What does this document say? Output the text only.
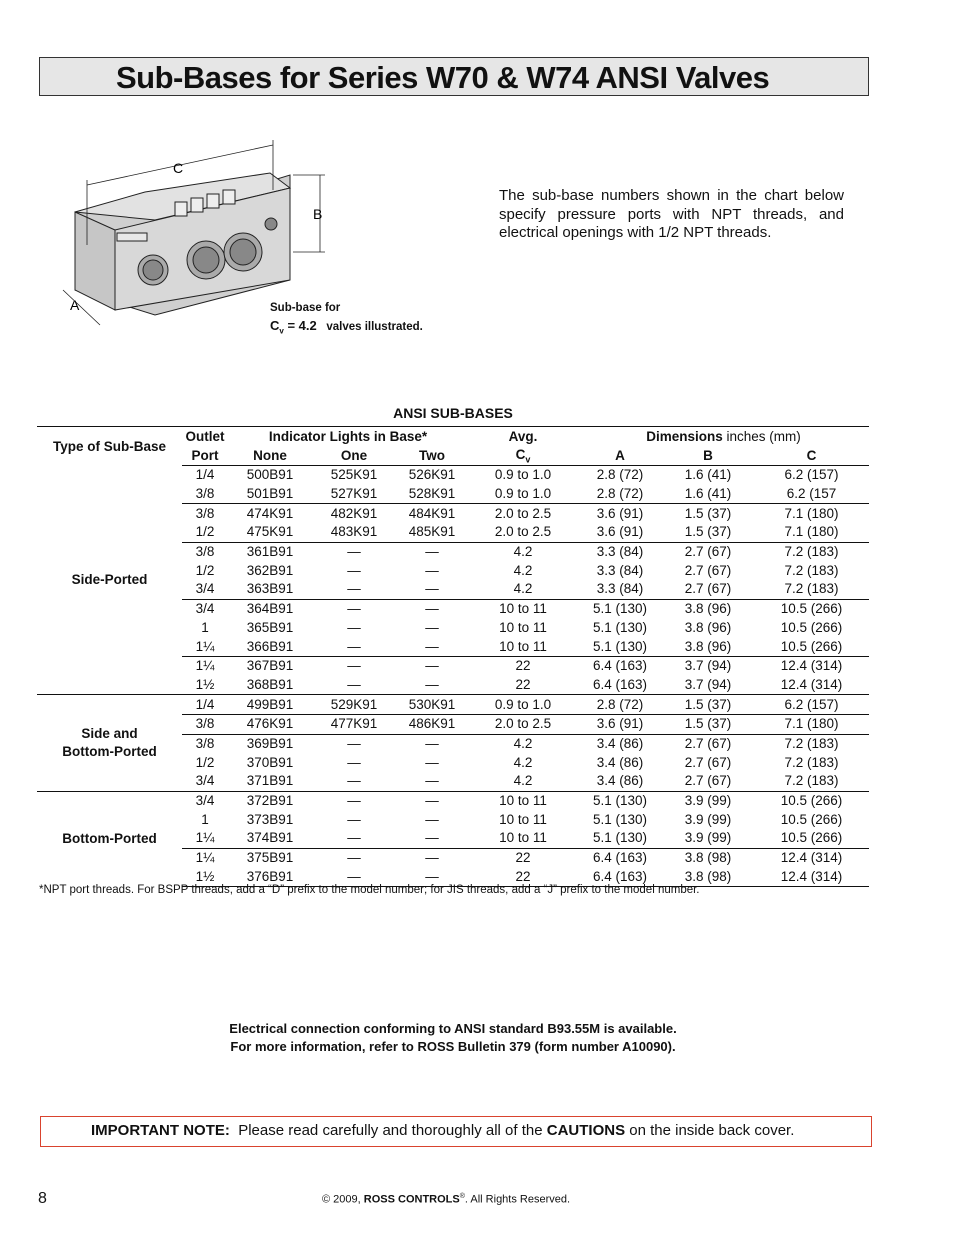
Sub-Bases for Series W70 & W74 ANSI Valves
C
B
A	Sub-base for
$C_v = 4.2$ valves illustrated.
The sub-base numbers shown in the chart below specify pressure ports with NPT threads, and electrical openings with 1/2 NPT threads.
ANSI SUB-BASES
Type of Sub-Base	Outlet	Indicator Lights in Base*			Avg.	Dimensions inches (mm)		
	Port	None	One	Two	$C_v$	A	B	C
Side-Ported	1/4	500B91	525K91	526K91	0.9 to 1.0	2.8 (72)	1.6 (41)	6.2 (157)
	3/8	501B91	527K91	528K91	0.9 to 1.0	2.8 (72)	1.6 (41)	6.2 (157
	3/8	474K91	482K91	484K91	2.0 to 2.5	3.6 (91)	1.5 (37)	7.1 (180)
	1/2	475K91	483K91	485K91	2.0 to 2.5	3.6 (91)	1.5 (37)	7.1 (180)
	3/8	361B91	—	—	4.2	3.3 (84)	2.7 (67)	7.2 (183)
	1/2	362B91	—	—	4.2	3.3 (84)	2.7 (67)	7.2 (183)
	3/4	363B91	—	—	4.2	3.3 (84)	2.7 (67)	7.2 (183)
	3/4	364B91	—	—	10 to 11	5.1 (130)	3.8 (96)	10.5 (266)
	1	365B91	—	—	10 to 11	5.1 (130)	3.8 (96)	10.5 (266)
	1¼	366B91	—	—	10 to 11	5.1 (130)	3.8 (96)	10.5 (266)
	1¼	367B91	—	—	22	6.4 (163)	3.7 (94)	12.4 (314)
	1½	368B91	—	—	22	6.4 (163)	3.7 (94)	12.4 (314)
Side and
Bottom-Ported	1/4	499B91	529K91	530K91	0.9 to 1.0	2.8 (72)	1.5 (37)	6.2 (157)
	3/8	476K91	477K91	486K91	2.0 to 2.5	3.6 (91)	1.5 (37)	7.1 (180)
	3/8	369B91	—	—	4.2	3.4 (86)	2.7 (67)	7.2 (183)
	1/2	370B91	—	—	4.2	3.4 (86)	2.7 (67)	7.2 (183)
	3/4	371B91	—	—	4.2	3.4 (86)	2.7 (67)	7.2 (183)
Bottom-Ported	3/4	372B91	—	—	10 to 11	5.1 (130)	3.9 (99)	10.5 (266)
	1	373B91	—	—	10 to 11	5.1 (130)	3.9 (99)	10.5 (266)
	1¼	374B91	—	—	10 to 11	5.1 (130)	3.9 (99)	10.5 (266)
	1¼	375B91	—	—	22	6.4 (163)	3.8 (98)	12.4 (314)
	1½	376B91	—	—	22	6.4 (163)	3.8 (98)	12.4 (314)
*NPT port threads. For BSPP threads, add a “D” prefix to the model number; for JIS threads, add a “J” prefix to the model number.
Electrical connection conforming to ANSI standard B93.55M is available.
For more information, refer to ROSS Bulletin 379 (form number A10090).
IMPORTANT NOTE: Please read carefully and thoroughly all of the CAUTIONS on the inside back cover.
8	© 2009, ROSS CONTROLS®. All Rights Reserved.
